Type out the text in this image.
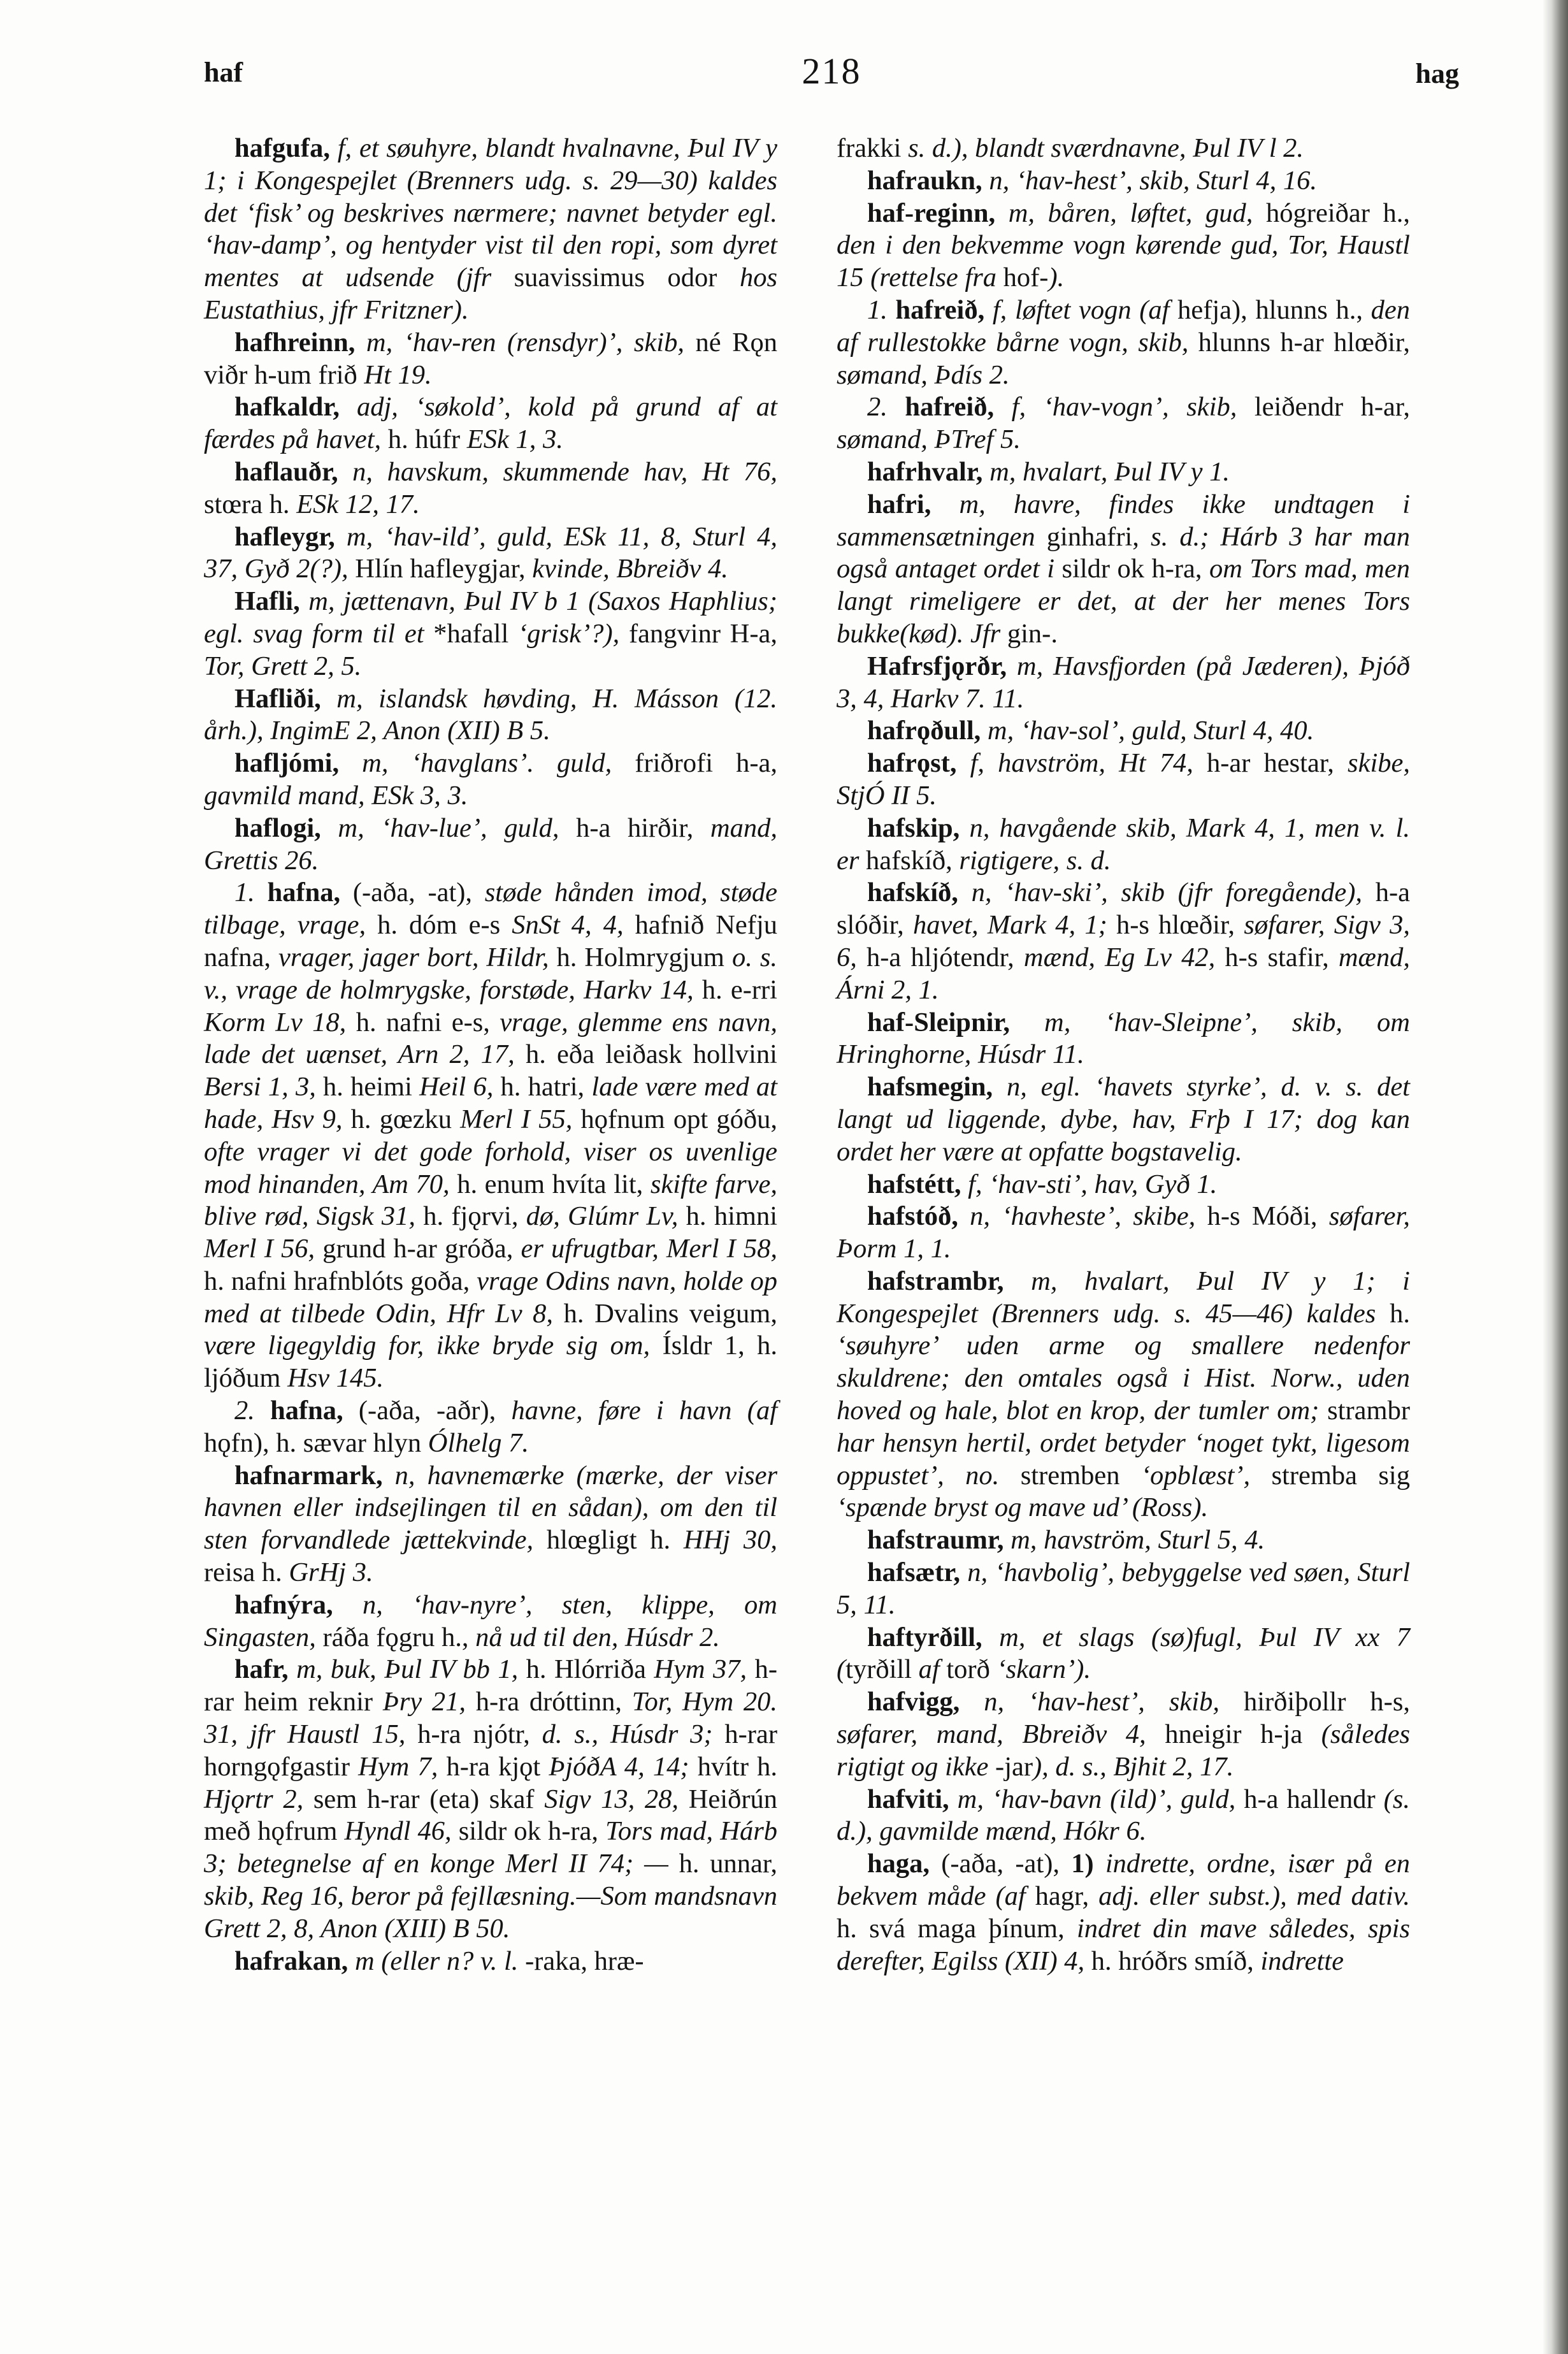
haf	218	hag

hafgufa, f, et søuhyre, blandt hvalnavne, Þul IV y 1; i Kongespejlet (Brenners udg. s. 29—30) kaldes det ‘fisk’ og beskrives nærmere; navnet betyder egl. ‘hav-damp’, og hentyder vist til den ropi, som dyret mentes at udsende (jfr suavissimus odor hos Eustathius, jfr Fritzner).

hafhreinn, m, ‘hav-ren (rensdyr)’, skib, né Rǫn viðr h-um frið Ht 19.

hafkaldr, adj, ‘søkold’, kold på grund af at færdes på havet, h. húfr ESk 1, 3.

haflauðr, n, havskum, skummende hav, Ht 76, stœra h. ESk 12, 17.

hafleygr, m, ‘hav-ild’, guld, ESk 11, 8, Sturl 4, 37, Gyð 2(?), Hlín hafleygjar, kvinde, Bbreiðv 4.

Hafli, m, jættenavn, Þul IV b 1 (Saxos Haphlius; egl. svag form til et *hafall ‘grisk’?), fangvinr H-a, Tor, Grett 2, 5.

Hafliði, m, islandsk høvding, H. Másson (12. årh.), IngimE 2, Anon (XII) B 5.

hafljómi, m, ‘havglans’. guld, friðrofi h-a, gavmild mand, ESk 3, 3.

haflogi, m, ‘hav-lue’, guld, h-a hirðir, mand, Grettis 26.

1. hafna, (-aða, -at), støde hånden imod, støde tilbage, vrage, h. dóm e-s SnSt 4, 4, hafnið Nefju nafna, vrager, jager bort, Hildr, h. Holmrygjum o. s. v., vrage de holmrygske, forstøde, Harkv 14, h. e-rri Korm Lv 18, h. nafni e-s, vrage, glemme ens navn, lade det uænset, Arn 2, 17, h. eða leiðask hollvini Bersi 1, 3, h. heimi Heil 6, h. hatri, lade være med at hade, Hsv 9, h. gœzku Merl I 55, hǫfnum opt góðu, ofte vrager vi det gode forhold, viser os uvenlige mod hinanden, Am 70, h. enum hvíta lit, skifte farve, blive rød, Sigsk 31, h. fjǫrvi, dø, Glúmr Lv, h. himni Merl I 56, grund h-ar gróða, er ufrugtbar, Merl I 58, h. nafni hrafnblóts goða, vrage Odins navn, holde op med at tilbede Odin, Hfr Lv 8, h. Dvalins veigum, være ligegyldig for, ikke bryde sig om, Ísldr 1, h. ljóðum Hsv 145.

2. hafna, (-aða, -aðr), havne, føre i havn (af hǫfn), h. sævar hlyn Ólhelg 7.

hafnarmark, n, havnemærke (mærke, der viser havnen eller indsejlingen til en sådan), om den til sten forvandlede jættekvinde, hlœgligt h. HHj 30, reisa h. GrHj 3.

hafnýra, n, ‘hav-nyre’, sten, klippe, om Singasten, ráða fǫgru h., nå ud til den, Húsdr 2.

hafr, m, buk, Þul IV bb 1, h. Hlórriða Hym 37, h-rar heim reknir Þry 21, h-ra dróttinn, Tor, Hym 20. 31, jfr Haustl 15, h-ra njótr, d. s., Húsdr 3; h-rar horngǫfgastir Hym 7, h-ra kjǫt ÞjóðA 4, 14; hvítr h. Hjǫrtr 2, sem h-rar (eta) skaf Sigv 13, 28, Heiðrún með hǫfrum Hyndl 46, sildr ok h-ra, Tors mad, Hárb 3; betegnelse af en konge Merl II 74; — h. unnar, skib, Reg 16, beror på fejllæsning.—Som mandsnavn Grett 2, 8, Anon (XIII) B 50.

hafrakan, m (eller n? v. l. -raka, hræ-

frakki s. d.), blandt sværdnavne, Þul IV l 2.

hafraukn, n, ‘hav-hest’, skib, Sturl 4, 16.

haf-reginn, m, båren, løftet, gud, hógreiðar h., den i den bekvemme vogn kørende gud, Tor, Haustl 15 (rettelse fra hof-).

1. hafreið, f, løftet vogn (af hefja), hlunns h., den af rullestokke bårne vogn, skib, hlunns h-ar hlœðir, sømand, Þdís 2.

2. hafreið, f, ‘hav-vogn’, skib, leiðendr h-ar, sømand, ÞTref 5.

hafrhvalr, m, hvalart, Þul IV y 1.

hafri, m, havre, findes ikke undtagen i sammensætningen ginhafri, s. d.; Hárb 3 har man også antaget ordet i sildr ok h-ra, om Tors mad, men langt rimeligere er det, at der her menes Tors bukke(kød). Jfr gin-.

Hafrsfjǫrðr, m, Havsfjorden (på Jæderen), Þjóð 3, 4, Harkv 7. 11.

hafrǫðull, m, ‘hav-sol’, guld, Sturl 4, 40.

hafrǫst, f, havström, Ht 74, h-ar hestar, skibe, StjÓ II 5.

hafskip, n, havgående skib, Mark 4, 1, men v. l. er hafskíð, rigtigere, s. d.

hafskíð, n, ‘hav-ski’, skib (jfr foregående), h-a slóðir, havet, Mark 4, 1; h-s hlœðir, søfarer, Sigv 3, 6, h-a hljótendr, mænd, Eg Lv 42, h-s stafir, mænd, Árni 2, 1.

haf-Sleipnir, m, ‘hav-Sleipne’, skib, om Hringhorne, Húsdr 11.

hafsmegin, n, egl. ‘havets styrke’, d. v. s. det langt ud liggende, dybe, hav, Frþ I 17; dog kan ordet her være at opfatte bogstavelig.

hafstétt, f, ‘hav-sti’, hav, Gyð 1.

hafstóð, n, ‘havheste’, skibe, h-s Móði, søfarer, Þorm 1, 1.

hafstrambr, m, hvalart, Þul IV y 1; i Kongespejlet (Brenners udg. s. 45—46) kaldes h. ‘søuhyre’ uden arme og smallere nedenfor skuldrene; den omtales også i Hist. Norw., uden hoved og hale, blot en krop, der tumler om; strambr har hensyn hertil, ordet betyder ‘noget tykt, ligesom oppustet’, no. stremben ‘opblæst’, stremba sig ‘spænde bryst og mave ud’ (Ross).

hafstraumr, m, havström, Sturl 5, 4.

hafsætr, n, ‘havbolig’, bebyggelse ved søen, Sturl 5, 11.

haftyrðill, m, et slags (sø)fugl, Þul IV xx 7 (tyrðill af torð ‘skarn’).

hafvigg, n, ‘hav-hest’, skib, hirðiþollr h-s, søfarer, mand, Bbreiðv 4, hneigir h-ja (således rigtigt og ikke -jar), d. s., Bjhit 2, 17.

hafviti, m, ‘hav-bavn (ild)’, guld, h-a hallendr (s. d.), gavmilde mænd, Hókr 6.

haga, (-aða, -at), 1) indrette, ordne, især på en bekvem måde (af hagr, adj. eller subst.), med dativ. h. svá maga þínum, indret din mave således, spis derefter, Egilss (XII) 4, h. hróðrs smíð, indrette
